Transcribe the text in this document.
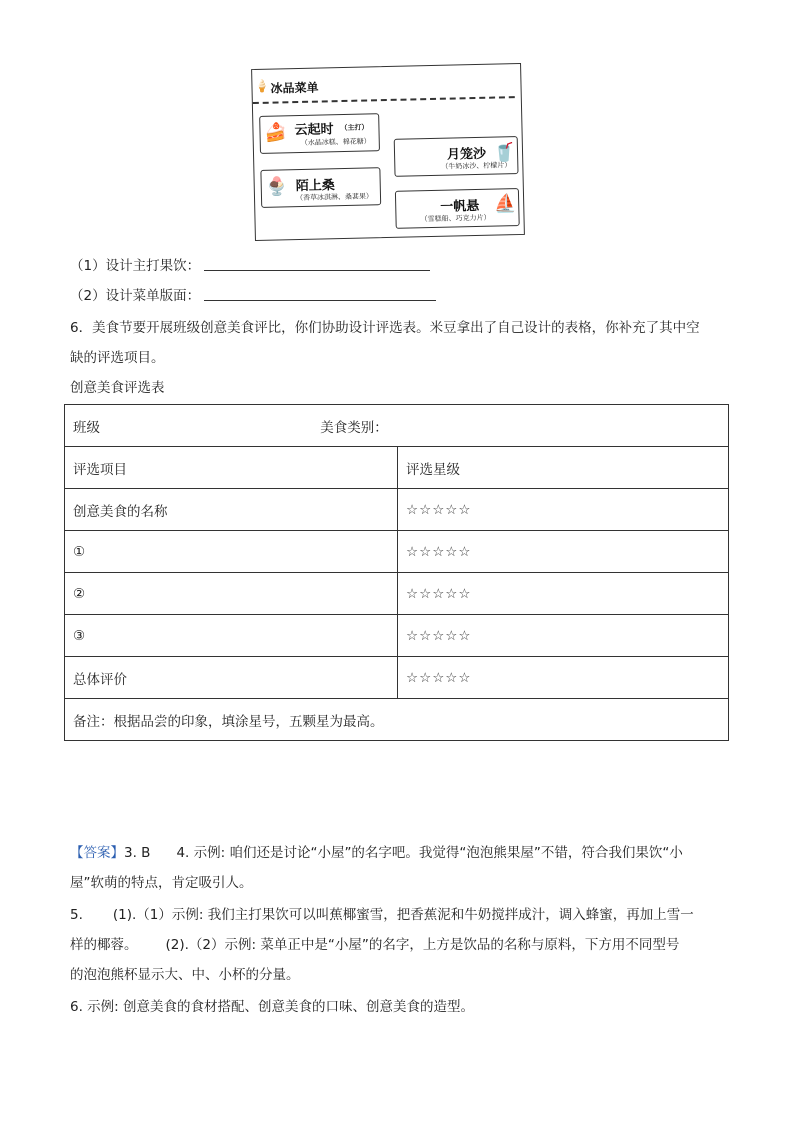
🍦 冰品菜单
🍰 云起时 （主打）
（水晶冰糕、棉花糖）
月笼沙
（牛奶冰沙、柠檬片）
🥤
🍨 陌上桑
（香草冰淇淋、桑葚果）
一帆悬
（雪糕船、巧克力片）
⛵

（1）设计主打果饮：

（2）设计菜单版面：

6．美食节要开展班级创意美食评比，你们协助设计评选表。米豆拿出了自己设计的表格，你补充了其中空

缺的评选项目。

创意美食评选表

班级 美食类别：	
评选项目	评选星级
创意美食的名称	☆☆☆☆☆
①	☆☆☆☆☆
②	☆☆☆☆☆
③	☆☆☆☆☆
总体评价	☆☆☆☆☆
备注：根据品尝的印象，填涂星号，五颗星为最高。	

【答案】3. B 4. 示例: 咱们还是讨论“小屋”的名字吧。我觉得“泡泡熊果屋”不错，符合我们果饮“小

屋”软萌的特点，肯定吸引人。

5. (1).（1）示例: 我们主打果饮可以叫蕉椰蜜雪，把香蕉泥和牛奶搅拌成汁，调入蜂蜜，再加上雪一

样的椰蓉。 (2).（2）示例: 菜单正中是“小屋”的名字，上方是饮品的名称与原料，下方用不同型号

的泡泡熊杯显示大、中、小杯的分量。

6. 示例: 创意美食的食材搭配、创意美食的口味、创意美食的造型。
